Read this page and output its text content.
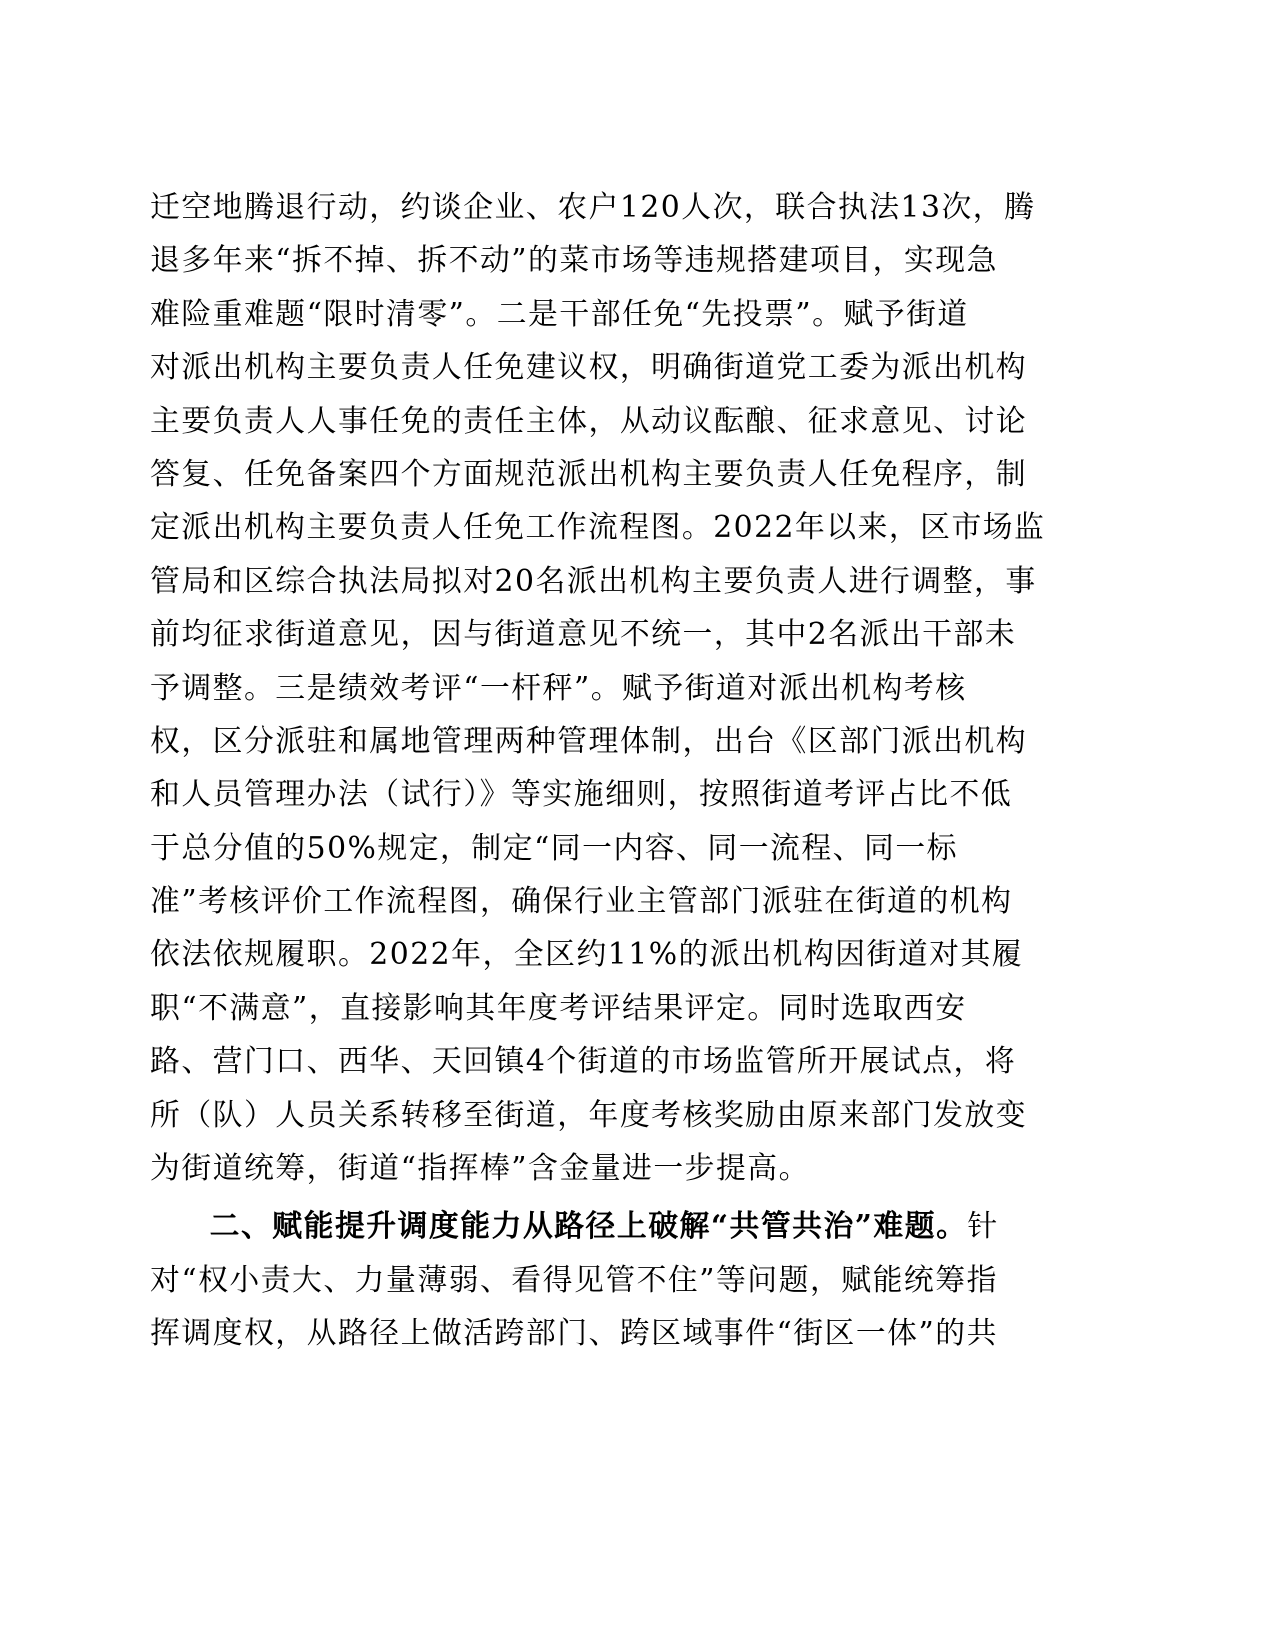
迁空地腾退行动，约谈企业、农户120人次，联合执法13次，腾
退多年来“拆不掉、拆不动”的菜市场等违规搭建项目，实现急
难险重难题“限时清零”。二是干部任免“先投票”。赋予街道
对派出机构主要负责人任免建议权，明确街道党工委为派出机构
主要负责人人事任免的责任主体，从动议酝酿、征求意见、讨论
答复、任免备案四个方面规范派出机构主要负责人任免程序，制
定派出机构主要负责人任免工作流程图。2022年以来，区市场监
管局和区综合执法局拟对20名派出机构主要负责人进行调整，事
前均征求街道意见，因与街道意见不统一，其中2名派出干部未
予调整。三是绩效考评“一杆秤”。赋予街道对派出机构考核
权，区分派驻和属地管理两种管理体制，出台《区部门派出机构
和人员管理办法（试行）》等实施细则，按照街道考评占比不低
于总分值的50%规定，制定“同一内容、同一流程、同一标
准”考核评价工作流程图，确保行业主管部门派驻在街道的机构
依法依规履职。2022年，全区约11%的派出机构因街道对其履
职“不满意”，直接影响其年度考评结果评定。同时选取西安
路、营门口、西华、天回镇4个街道的市场监管所开展试点，将
所（队）人员关系转移至街道，年度考核奖励由原来部门发放变
为街道统筹，街道“指挥棒”含金量进一步提高。
二、赋能提升调度能力从路径上破解“共管共治”难题。针
对“权小责大、力量薄弱、看得见管不住”等问题，赋能统筹指
挥调度权，从路径上做活跨部门、跨区域事件“街区一体”的共
